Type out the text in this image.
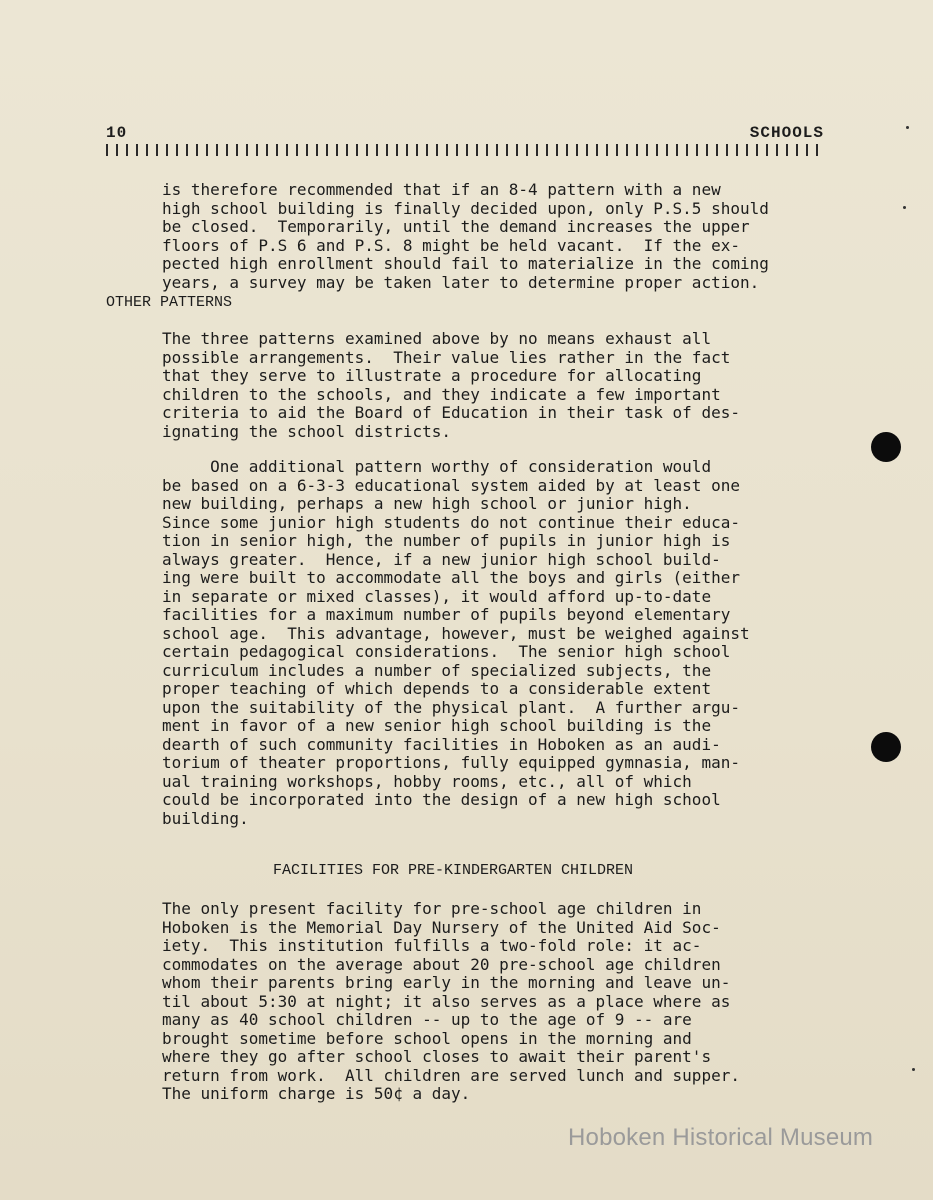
10	SCHOOLS
is therefore recommended that if an 8-4 pattern with a new
high school building is finally decided upon, only P.S.5 should
be closed.  Temporarily, until the demand increases the upper
floors of P.S 6 and P.S. 8 might be held vacant.  If the ex-
pected high enrollment should fail to materialize in the coming
years, a survey may be taken later to determine proper action.

OTHER PATTERNS

The three patterns examined above by no means exhaust all
possible arrangements.  Their value lies rather in the fact
that they serve to illustrate a procedure for allocating
children to the schools, and they indicate a few important
criteria to aid the Board of Education in their task of des-
ignating the school districts.
One additional pattern worthy of consideration would
be based on a 6-3-3 educational system aided by at least one
new building, perhaps a new high school or junior high.
Since some junior high students do not continue their educa-
tion in senior high, the number of pupils in junior high is
always greater.  Hence, if a new junior high school build-
ing were built to accommodate all the boys and girls (either
in separate or mixed classes), it would afford up-to-date
facilities for a maximum number of pupils beyond elementary
school age.  This advantage, however, must be weighed against
certain pedagogical considerations.  The senior high school
curriculum includes a number of specialized subjects, the
proper teaching of which depends to a considerable extent
upon the suitability of the physical plant.  A further argu-
ment in favor of a new senior high school building is the
dearth of such community facilities in Hoboken as an audi-
torium of theater proportions, fully equipped gymnasia, man-
ual training workshops, hobby rooms, etc., all of which
could be incorporated into the design of a new high school
building.

FACILITIES FOR PRE-KINDERGARTEN CHILDREN

The only present facility for pre-school age children in
Hoboken is the Memorial Day Nursery of the United Aid Soc-
iety.  This institution fulfills a two-fold role: it ac-
commodates on the average about 20 pre-school age children
whom their parents bring early in the morning and leave un-
til about 5:30 at night; it also serves as a place where as
many as 40 school children -- up to the age of 9 -- are
brought sometime before school opens in the morning and
where they go after school closes to await their parent's
return from work.  All children are served lunch and supper.
The uniform charge is 50¢ a day.
Hoboken Historical Museum
